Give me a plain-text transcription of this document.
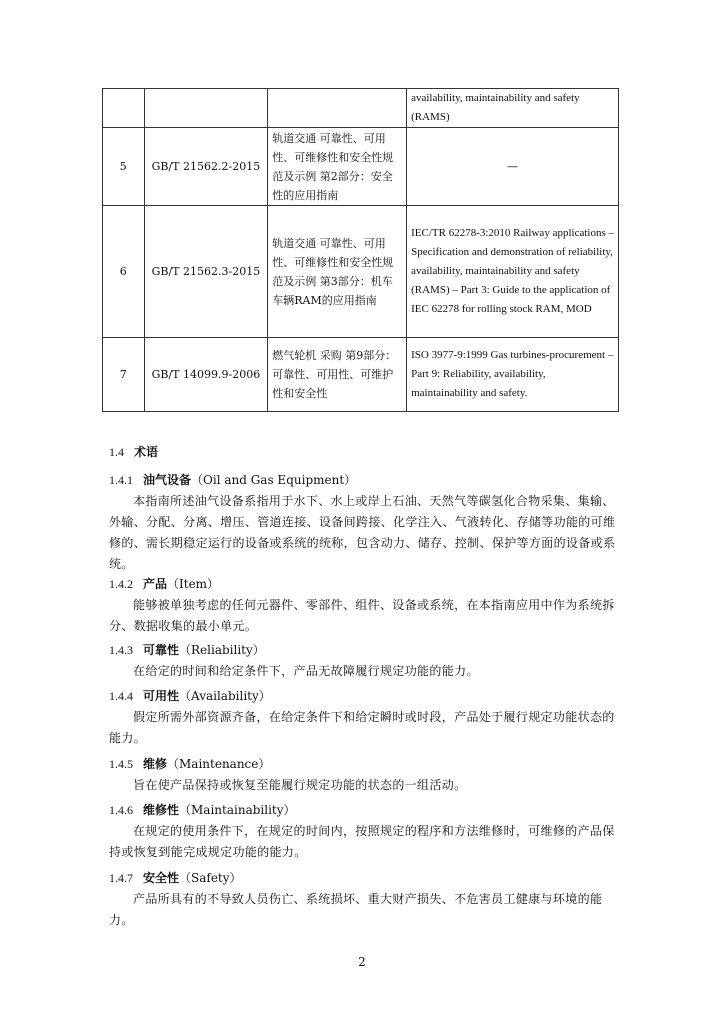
			availability, maintainability and safety (RAMS)
5	GB/T 21562.2-2015	轨道交通 可靠性、可用性、可维修性和安全性规范及示例 第2部分：安全性的应用指南	—
6	GB/T 21562.3-2015	轨道交通 可靠性、可用性、可维修性和安全性规范及示例 第3部分：机车车辆RAM的应用指南	IEC/TR 62278-3:2010 Railway applications – Specification and demonstration of reliability, availability, maintainability and safety (RAMS) – Part 3: Guide to the application of IEC 62278 for rolling stock RAM, MOD
7	GB/T 14099.9-2006	燃气轮机 采购 第9部分：可靠性、可用性、可维护性和安全性	ISO 3977-9:1999 Gas turbines-procurement – Part 9: Reliability, availability, maintainability and safety.
1.4 术语
1.4.1 油气设备（Oil and Gas Equipment）

本指南所述油气设备系指用于水下、水上或岸上石油、天然气等碳氢化合物采集、集输、外输、分配、分离、增压、管道连接、设备间跨接、化学注入、气液转化、存储等功能的可维修的、需长期稳定运行的设备或系统的统称，包含动力、储存、控制、保护等方面的设备或系统。

1.4.2 产品（Item）

能够被单独考虑的任何元器件、零部件、组件、设备或系统，在本指南应用中作为系统拆分、数据收集的最小单元。

1.4.3 可靠性（Reliability）

在给定的时间和给定条件下，产品无故障履行规定功能的能力。

1.4.4 可用性（Availability）

假定所需外部资源齐备，在给定条件下和给定瞬时或时段，产品处于履行规定功能状态的能力。

1.4.5 维修（Maintenance）

旨在使产品保持或恢复至能履行规定功能的状态的一组活动。

1.4.6 维修性（Maintainability）

在规定的使用条件下，在规定的时间内，按照规定的程序和方法维修时，可维修的产品保持或恢复到能完成规定功能的能力。

1.4.7 安全性（Safety）

产品所具有的不导致人员伤亡、系统损坏、重大财产损失、不危害员工健康与环境的能力。

2
